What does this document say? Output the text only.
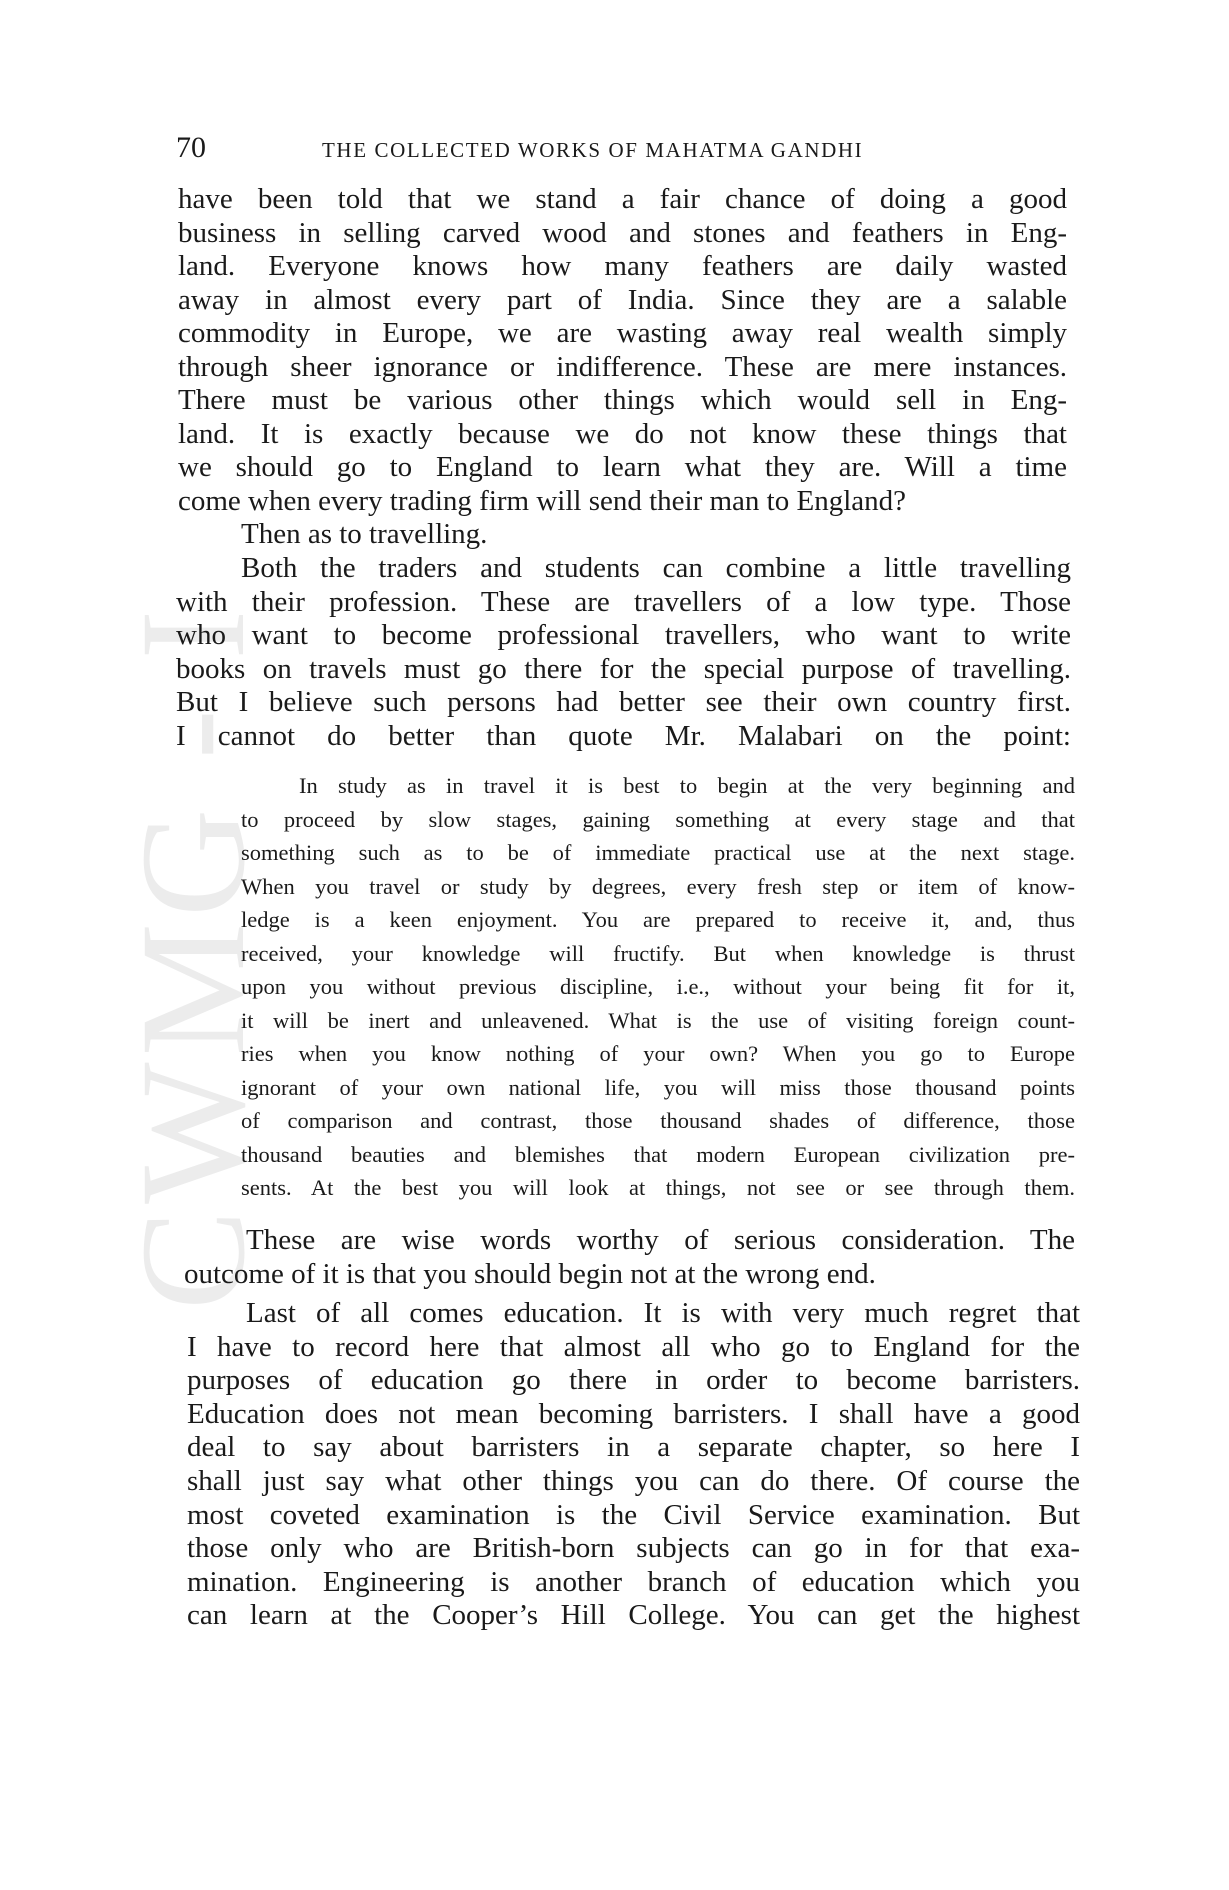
CWMG - I
70	THE COLLECTED WORKS OF MAHATMA GANDHI
have been told that we stand a fair chance of doing a good
business in selling carved wood and stones and feathers in Eng-
land. Everyone knows how many feathers are daily wasted
away in almost every part of India. Since they are a salable
commodity in Europe, we are wasting away real wealth simply
through sheer ignorance or indifference. These are mere instances.
There must be various other things which would sell in Eng-
land. It is exactly because we do not know these things that
we should go to England to learn what they are. Will a time
come when every trading firm will send their man to England?
Then as to travelling.
Both the traders and students can combine a little travelling
with their profession. These are travellers of a low type. Those
who want to become professional travellers, who want to write
books on travels must go there for the special purpose of travelling.
But I believe such persons had better see their own country first.
I cannot do better than quote Mr. Malabari on the point:
In study as in travel it is best to begin at the very beginning and
to proceed by slow stages, gaining something at every stage and that
something such as to be of immediate practical use at the next stage.
When you travel or study by degrees, every fresh step or item of know-
ledge is a keen enjoyment. You are prepared to receive it, and, thus
received, your knowledge will fructify. But when knowledge is thrust
upon you without previous discipline, i.e., without your being fit for it,
it will be inert and unleavened. What is the use of visiting foreign count-
ries when you know nothing of your own? When you go to Europe
ignorant of your own national life, you will miss those thousand points
of comparison and contrast, those thousand shades of difference, those
thousand beauties and blemishes that modern European civilization pre-
sents. At the best you will look at things, not see or see through them.
These are wise words worthy of serious consideration. The
outcome of it is that you should begin not at the wrong end.
Last of all comes education. It is with very much regret that
I have to record here that almost all who go to England for the
purposes of education go there in order to become barristers.
Education does not mean becoming barristers. I shall have a good
deal to say about barristers in a separate chapter, so here I
shall just say what other things you can do there. Of course the
most coveted examination is the Civil Service examination. But
those only who are British-born subjects can go in for that exa-
mination. Engineering is another branch of education which you
can learn at the Cooper’s Hill College. You can get the highest
